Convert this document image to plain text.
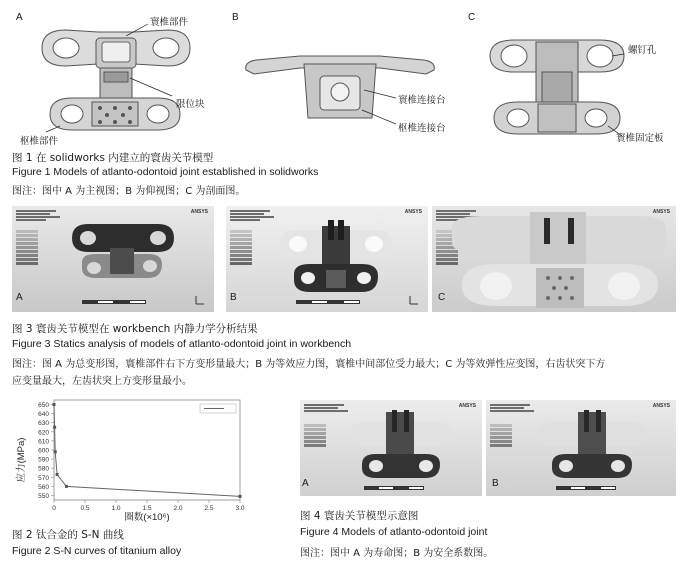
A	B	C
寰椎部件
限位块
枢椎部件
寰椎连接台
枢椎连接台
螺钉孔
寰椎固定板
图 1 在 solidworks 内建立的寰齿关节模型
Figure 1 Models of atlanto-odontoid joint established in solidworks
图注：图中 A 为主视图；B 为仰视图；C 为剖面图。
ANSYS
A
ANSYS
B
ANSYS
C
图 3 寰齿关节模型在 workbench 内静力学分析结果
Figure 3 Statics analysis of models of atlanto-odontoid joint in workbench
图注：图 A 为总变形图，寰椎部件右下方变形量最大；B 为等效应力图，寰椎中间部位受力最大；C 为等效弹性应变图，右齿状突下方
应变量最大，左齿状突上方变形量最小。
550
560
570
580
590
600
610
620
630
640
650
0	0.5	1.0	1.5	2.0	2.5	3.0
应力(MPa)
圈数(×10⁶)
图 2 钛合金的 S-N 曲线
Figure 2 S-N curves of titanium alloy
ANSYS
A
ANSYS
B
图 4 寰齿关节模型示意图
Figure 4 Models of atlanto-odontoid joint
图注：图中 A 为寿命图；B 为安全系数图。
